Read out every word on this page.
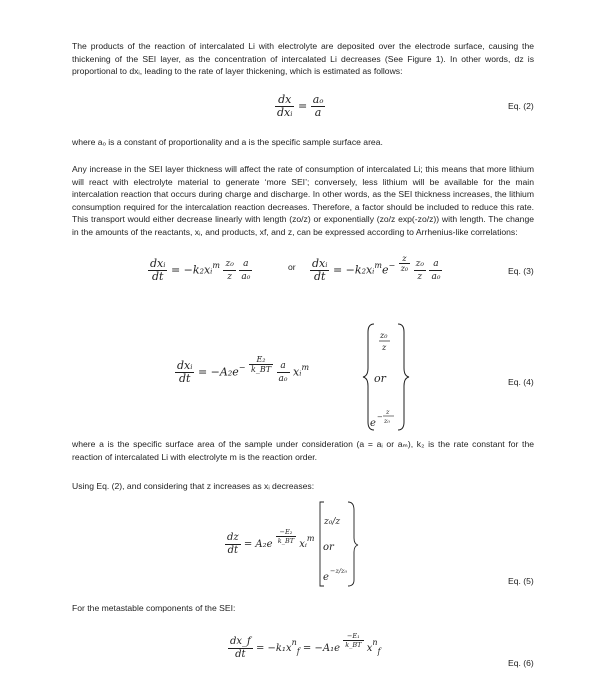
The products of the reaction of intercalated Li with electrolyte are deposited over the electrode surface, causing the thickening of the SEI layer, as the concentration of intercalated Li decreases (See Figure 1). In other words, dz is proportional to dxᵢ, leading to the rate of layer thickening, which is estimated as follows:

$\frac{dx}{\text{dxᵢ}} = \frac{\text{aₒ}}{a}$	Eq. (2)

where aₒ is a constant of proportionality and a is the specific sample surface area.

Any increase in the SEI layer thickness will affect the rate of consumption of intercalated Li; this means that more lithium will react with electrolyte material to generate ‘more SEI’; conversely, less lithium will be available for the main intercalation reaction that occurs during charge and discharge. In other words, as the SEI thickness increases, the lithium consumption required for the intercalation reaction decreases. Therefore, a factor should be included to reduce this rate. This transport would either decrease linearly with length (zo/z) or exponentially (zo/z exp(-zo/z)) with length. The change in the amounts of the reactants, xᵢ, and products, xf, and z, can be expressed according to Arrhenius-like correlations:

$\frac{\text{dxᵢ}}{dt}$ = −k₂xᵢ$^m$ $\frac{\text{z₀}}{z}$
$\frac{a}{\text{a₀}}$	or $\frac{\text{dxᵢ}}{dt}$ = −k₂xᵢ$^m$e− $\frac{z}{\text{z₀}}$
$\frac{\text{z₀}}{z}$
$\frac{a}{\text{a₀}}$	Eq. (3)
$\frac{\text{dxᵢ}}{dt} = -A_2e^- \frac{\text{E₂}}{k\_BT}$
$\frac{a}{\text{a₀}}$ xᵢ$^m$
z₀
z
or
e
−
z
z₀
Eq. (4)

where a is the specific surface area of the sample under consideration (a = aᵢ or aₘ), k₂ is the rate constant for the reaction of intercalated Li with electrolyte m is the reaction order.

Using Eq. (2), and considering that z increases as xᵢ decreases:

$\frac{dz}{dt} = A_2e \frac{\text{−E₂}}{k\_BT}$ xᵢ$^m$
z₀/z
or
e
−z/z₀
Eq. (5)

For the metastable components of the SEI:

$\frac{dx\_f}{dt} = -k_1x^n_f = -A_1e \frac{\text{−E₁}}{k\_BT} x^n_f$
Eq. (6)
